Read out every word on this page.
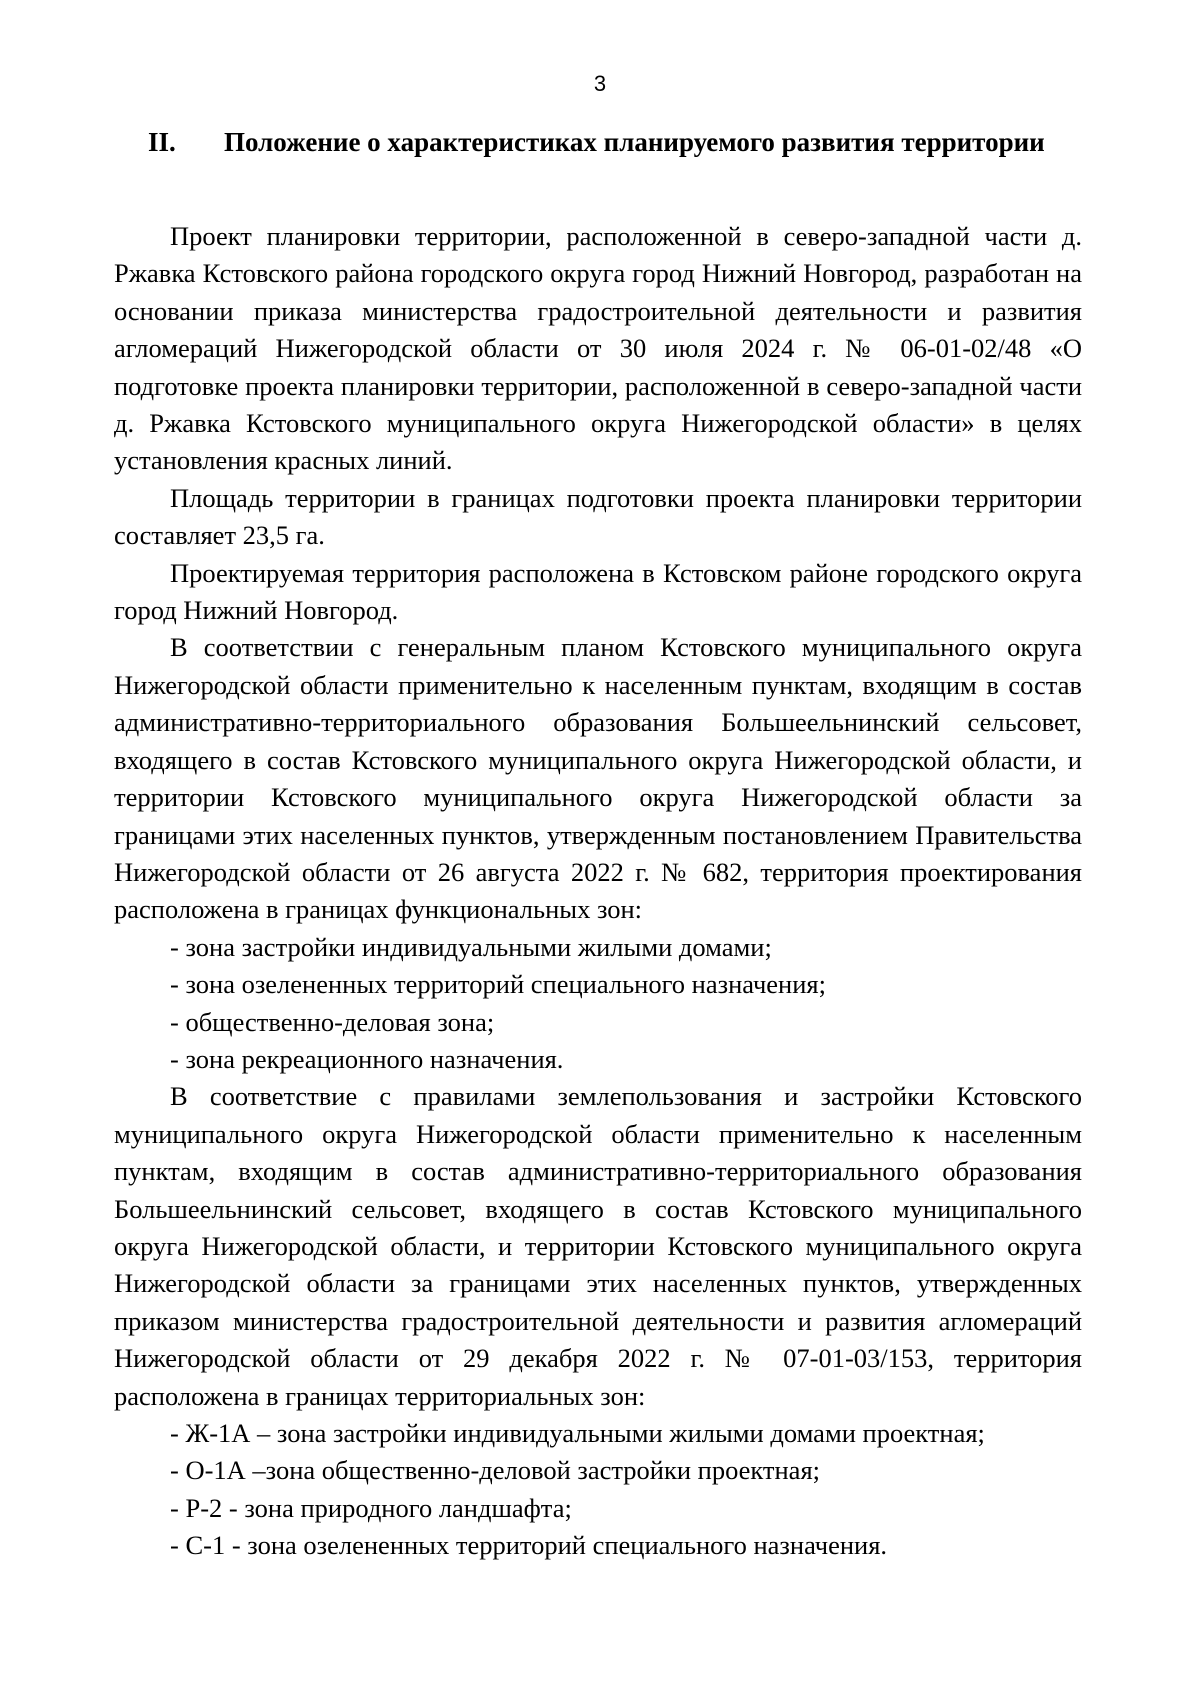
3
II. Положение о характеристиках планируемого развития территории

Проект планировки территории, расположенной в северо-западной части д. Ржавка Кстовского района городского округа город Нижний Новгород, разработан на основании приказа министерства градостроительной деятельности и развития агломераций Нижегородской области от 30 июля 2024 г. № 06-01-02/48 «О подготовке проекта планировки территории, расположенной в северо-западной части д. Ржавка Кстовского муниципального округа Нижегородской области» в целях установления красных линий.

Площадь территории в границах подготовки проекта планировки территории составляет 23,5 га.

Проектируемая территория расположена в Кстовском районе городского округа город Нижний Новгород.

В соответствии с генеральным планом Кстовского муниципального округа Нижегородской области применительно к населенным пунктам, входящим в состав административно-территориального образования Большеельнинский сельсовет, входящего в состав Кстовского муниципального округа Нижегородской области, и территории Кстовского муниципального округа Нижегородской области за границами этих населенных пунктов, утвержденным постановлением Правительства Нижегородской области от 26 августа 2022 г. № 682, территория проектирования расположена в границах функциональных зон:

- зона застройки индивидуальными жилыми домами;
- зона озелененных территорий специального назначения;
- общественно-деловая зона;
- зона рекреационного назначения.

В соответствие с правилами землепользования и застройки Кстовского муниципального округа Нижегородской области применительно к населенным пунктам, входящим в состав административно-территориального образования Большеельнинский сельсовет, входящего в состав Кстовского муниципального округа Нижегородской области, и территории Кстовского муниципального округа Нижегородской области за границами этих населенных пунктов, утвержденных приказом министерства градостроительной деятельности и развития агломераций Нижегородской области от 29 декабря 2022 г. № 07-01-03/153, территория расположена в границах территориальных зон:

- Ж-1А – зона застройки индивидуальными жилыми домами проектная;
- О-1А –зона общественно-деловой застройки проектная;
- Р-2 - зона природного ландшафта;
- С-1 - зона озелененных территорий специального назначения.
